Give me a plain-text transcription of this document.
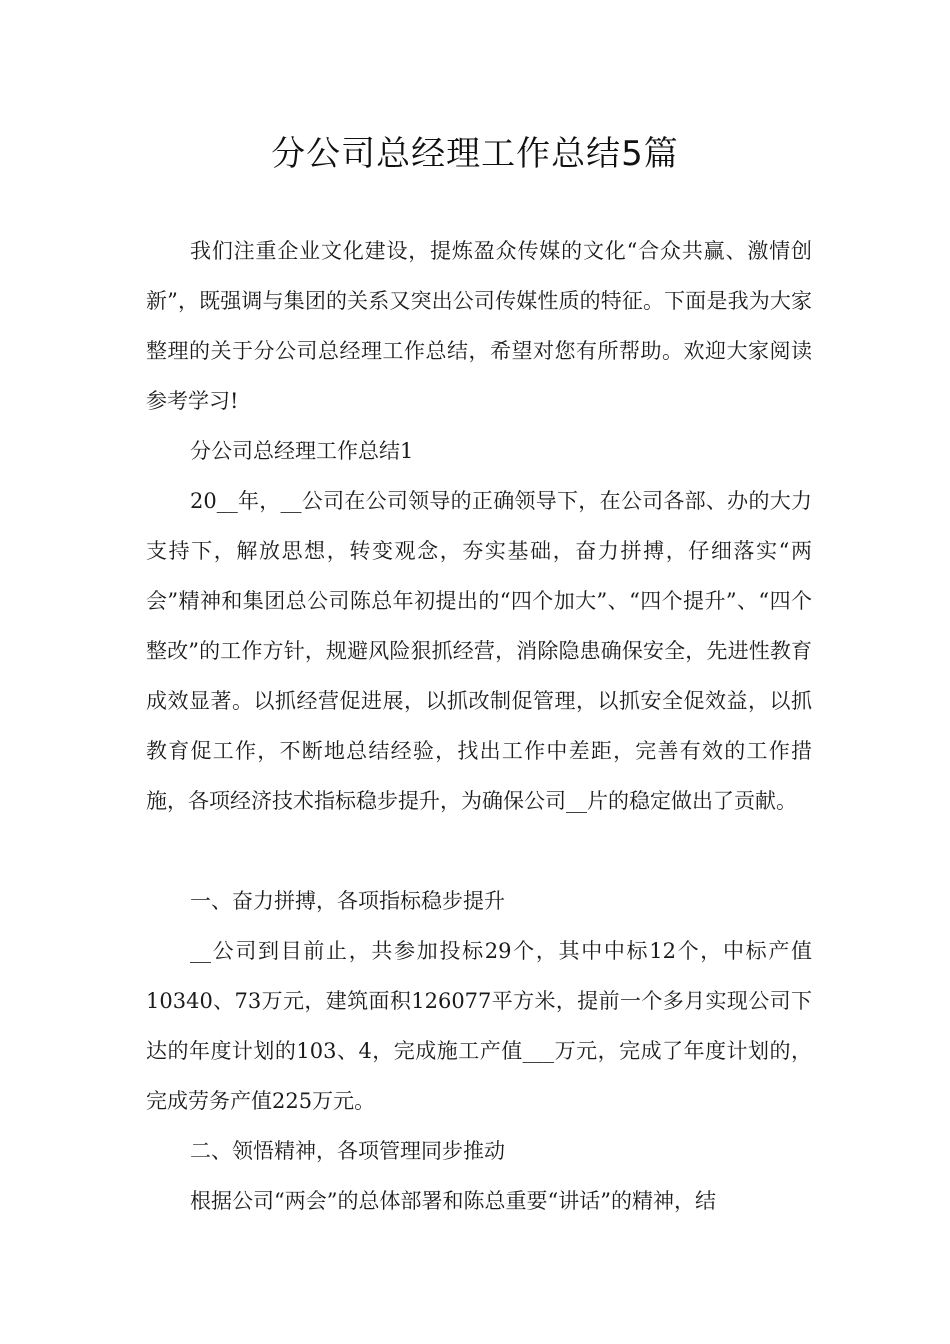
分公司总经理工作总结5篇

我们注重企业文化建设，提炼盈众传媒的文化“合众共赢、激情创新”，既强调与集团的关系又突出公司传媒性质的特征。下面是我为大家整理的关于分公司总经理工作总结，希望对您有所帮助。欢迎大家阅读参考学习!

分公司总经理工作总结1

20__年，__公司在公司领导的正确领导下，在公司各部、办的大力支持下，解放思想，转变观念，夯实基础，奋力拼搏，仔细落实“两会”精神和集团总公司陈总年初提出的“四个加大”、“四个提升”、“四个整改”的工作方针，规避风险狠抓经营，消除隐患确保安全，先进性教育成效显著。以抓经营促进展，以抓改制促管理，以抓安全促效益，以抓教育促工作，不断地总结经验，找出工作中差距，完善有效的工作措施，各项经济技术指标稳步提升，为确保公司__片的稳定做出了贡献。

一、奋力拼搏，各项指标稳步提升

__公司到目前止，共参加投标29个，其中中标12个，中标产值10340、73万元，建筑面积126077平方米，提前一个多月实现公司下达的年度计划的103、4，完成施工产值___万元，完成了年度计划的，完成劳务产值225万元。

二、领悟精神，各项管理同步推动

根据公司“两会”的总体部署和陈总重要“讲话”的精神，结
